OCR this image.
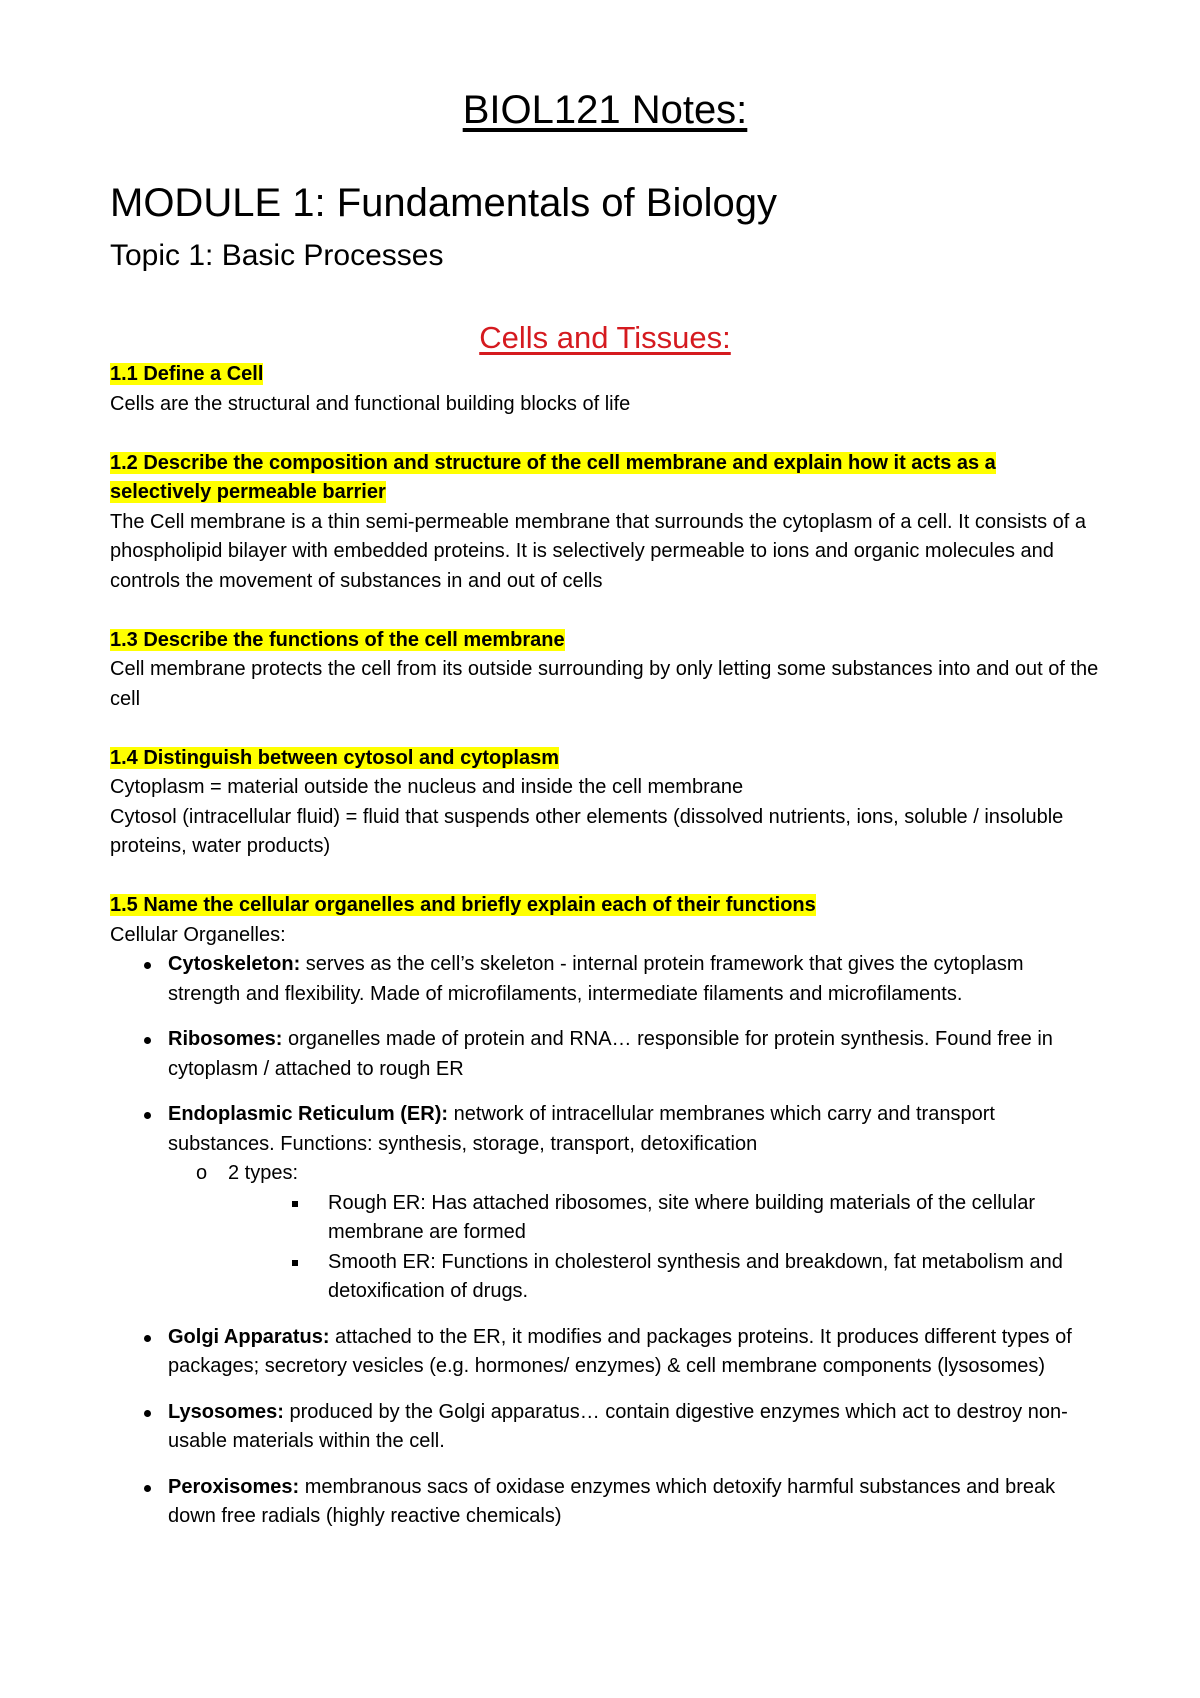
BIOL121 Notes:
MODULE 1: Fundamentals of Biology
Topic 1: Basic Processes
Cells and Tissues:

1.1 Define a Cell

Cells are the structural and functional building blocks of life

1.2 Describe the composition and structure of the cell membrane and explain how it acts as a
selectively permeable barrier

The Cell membrane is a thin semi-permeable membrane that surrounds the cytoplasm of a cell. It consists of a phospholipid bilayer with embedded proteins. It is selectively permeable to ions and organic molecules and controls the movement of substances in and out of cells

1.3 Describe the functions of the cell membrane

Cell membrane protects the cell from its outside surrounding by only letting some substances into and out of the cell

1.4 Distinguish between cytosol and cytoplasm

Cytoplasm = material outside the nucleus and inside the cell membrane

Cytosol (intracellular fluid) = fluid that suspends other elements (dissolved nutrients, ions, soluble / insoluble proteins, water products)

1.5 Name the cellular organelles and briefly explain each of their functions

Cellular Organelles:

Cytoskeleton: serves as the cell’s skeleton - internal protein framework that gives the cytoplasm strength and flexibility. Made of microfilaments, intermediate filaments and microfilaments.
Ribosomes: organelles made of protein and RNA… responsible for protein synthesis. Found free in cytoplasm / attached to rough ER
Endoplasmic Reticulum (ER): network of intracellular membranes which carry and transport substances. Functions: synthesis, storage, transport, detoxification
o 2 types:
Rough ER: Has attached ribosomes, site where building materials of the cellular membrane are formed
Smooth ER: Functions in cholesterol synthesis and breakdown, fat metabolism and detoxification of drugs.
Golgi Apparatus: attached to the ER, it modifies and packages proteins. It produces different types of packages; secretory vesicles (e.g. hormones/ enzymes) & cell membrane components (lysosomes)
Lysosomes: produced by the Golgi apparatus… contain digestive enzymes which act to destroy non-usable materials within the cell.
Peroxisomes: membranous sacs of oxidase enzymes which detoxify harmful substances and break down free radials (highly reactive chemicals)
